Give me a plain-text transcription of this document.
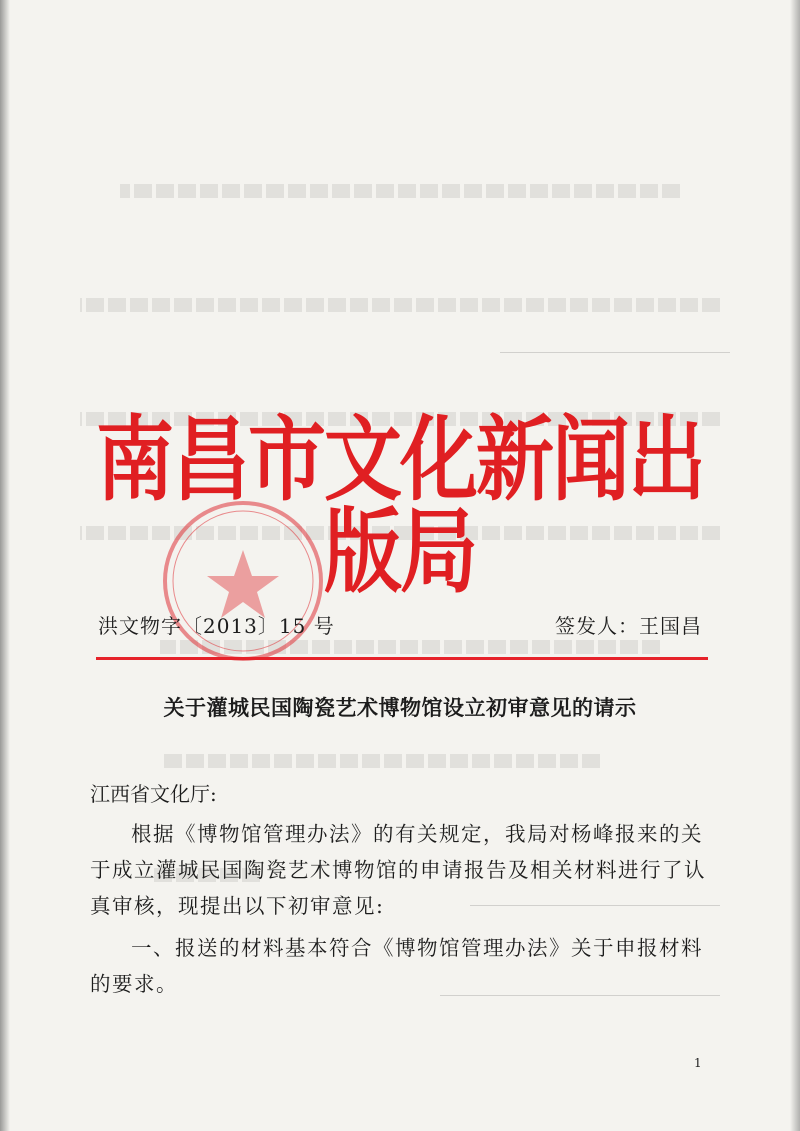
南昌市文化新闻出版局
洪文物字〔2013〕15 号	签发人：王国昌
关于灌城民国陶瓷艺术博物馆设立初审意见的请示
江西省文化厅:
根据《博物馆管理办法》的有关规定，我局对杨峰报来的关于成立灌城民国陶瓷艺术博物馆的申请报告及相关材料进行了认真审核，现提出以下初审意见:
一、报送的材料基本符合《博物馆管理办法》关于申报材料的要求。
1
